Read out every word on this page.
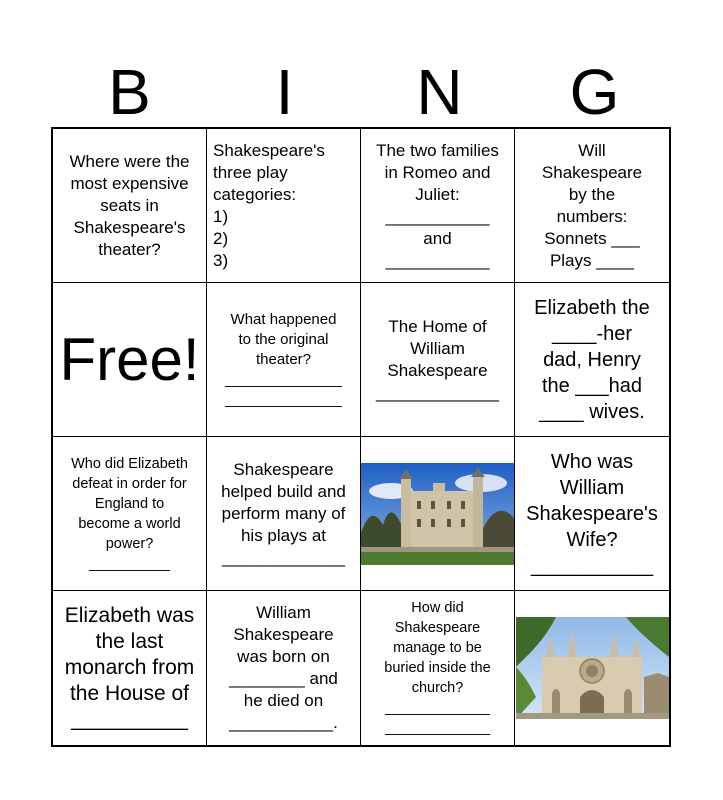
B	I	N	G
Where were the
most expensive
seats in
Shakespeare's
theater?
Shakespeare's
three play
categories:
1)
2)
3)
The two families
in Romeo and
Juliet:
___________
and
___________
Will
Shakespeare
by the
numbers:
Sonnets ___
Plays ____
Free!
What happened
to the original
theater?
______________
______________
The Home of
William
Shakespeare
_____________
Elizabeth the
____-her
dad, Henry
the ___had
____ wives.
Who did Elizabeth
defeat in order for
England to
become a world
power?
__________
Shakespeare
helped build and
perform many of
his plays at
_____________
Who was
William
Shakespeare's
Wife?
___________
Elizabeth was
the last
monarch from
the House of
__________
William
Shakespeare
was born on
________ and
he died on
___________.
How did
Shakespeare
manage to be
buried inside the
church?
_____________
_____________
